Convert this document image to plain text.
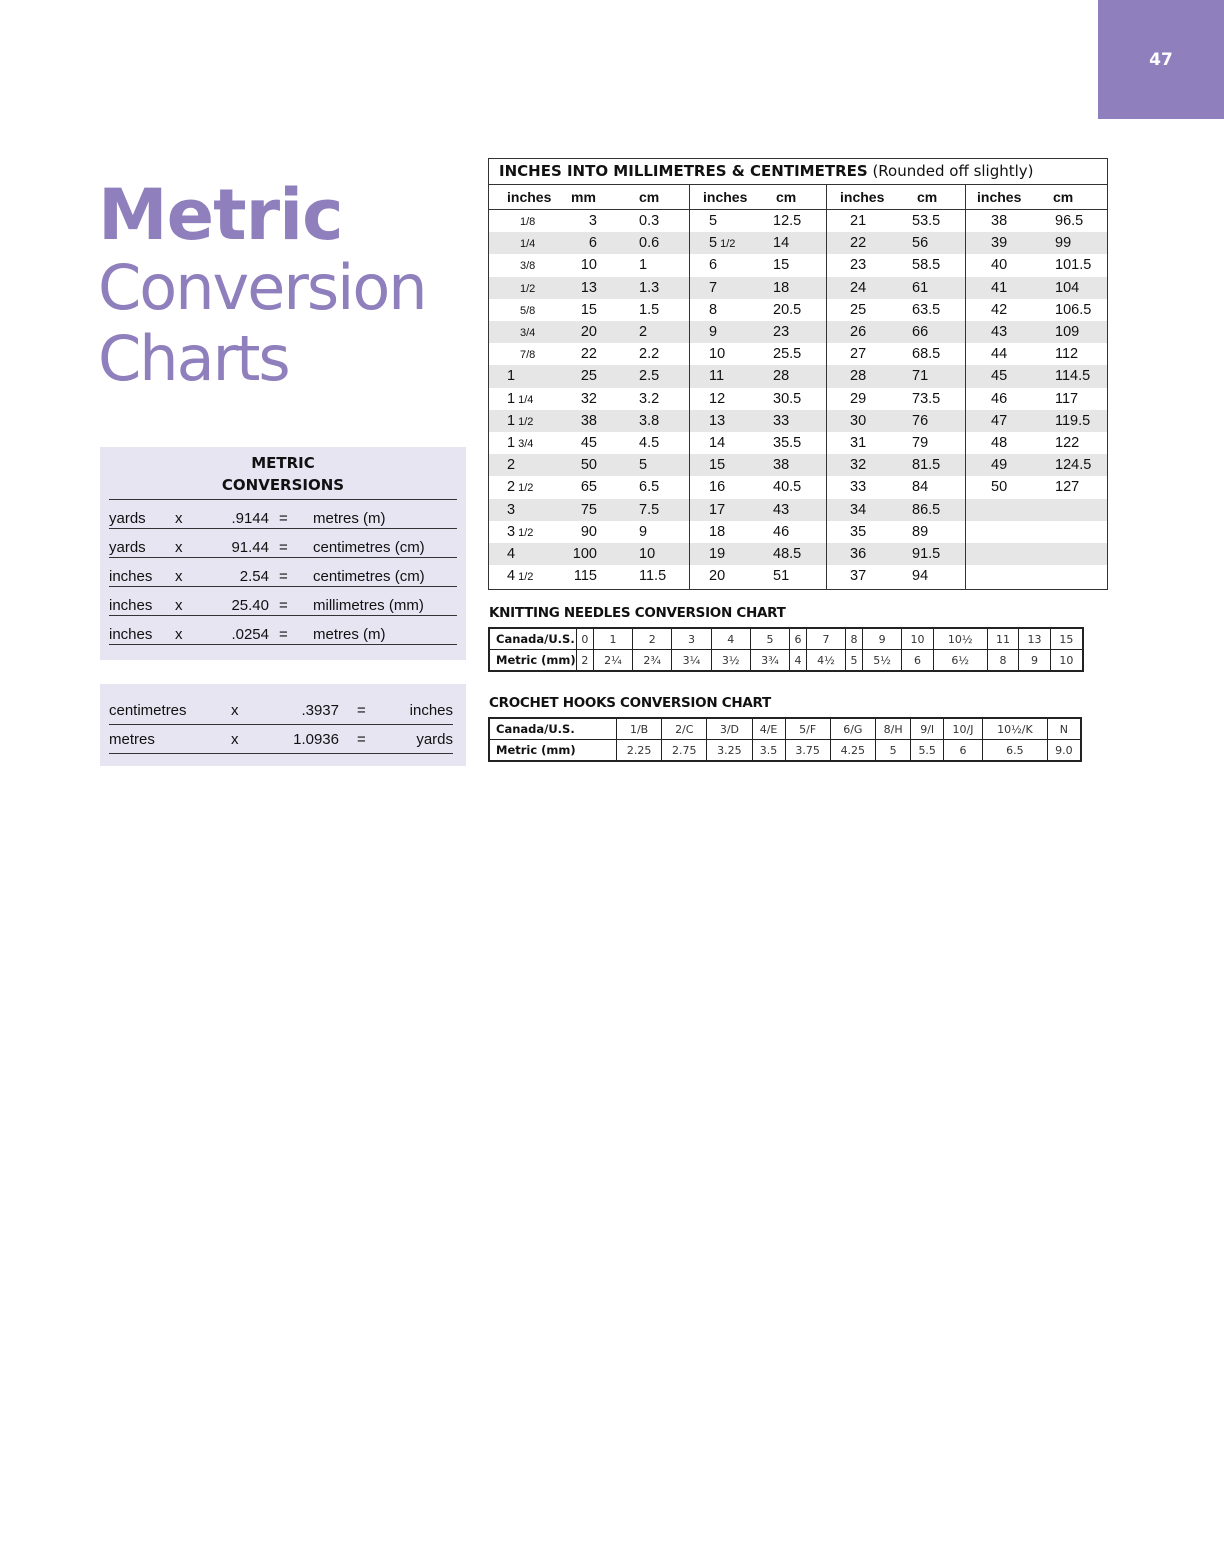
47
Metric
Conversion
Charts
METRIC
CONVERSIONS
yards x	.9144 = metres (m)
yards x	91.44 = centimetres (cm)
inches x	2.54 = centimetres (cm)
inches x	25.40 = millimetres (mm)
inches x	.0254 = metres (m)
centimetres	x	.3937 =	inches
metres	x	1.0936 =	yards
INCHES INTO MILLIMETRES & CENTIMETRES (Rounded off slightly)
inches mm	cm
1/8	3	0.3
1/4	6	0.6
3/8	10	1
1/2	13	1.3
5/8	15	1.5
3/4	20	2
7/8	22	2.2
1	25	2.5
1 1/4	32	3.2
1 1/2	38	3.8
1 3/4	45	4.5
2	50	5
2 1/2	65	6.5
3	75	7.5
3 1/2	90	9
4	100	10
4 1/2	115	11.5
inches cm
5	12.5
5 1/2	14
6	15
7	18
8	20.5
9	23
10	25.5
11	28
12	30.5
13	33
14	35.5
15	38
16	40.5
17	43
18	46
19	48.5
20	51
inches cm
21	53.5
22	56
23	58.5
24	61
25	63.5
26	66
27	68.5
28	71
29	73.5
30	76
31	79
32	81.5
33	84
34	86.5
35	89
36	91.5
37	94
inches cm
38	96.5
39	99
40	101.5
41	104
42	106.5
43	109
44	112
45	114.5
46	117
47	119.5
48	122
49	124.5
50	127
KNITTING NEEDLES CONVERSION CHART
Canada/U.S.	0	1	2	3	4	5	6	7	8	9	10	10½	11	13	15
Metric (mm)	2	2¼	2¾	3¼	3½	3¾	4	4½	5	5½	6	6½	8	9	10
CROCHET HOOKS CONVERSION CHART
Canada/U.S.	1/B	2/C	3/D	4/E	5/F	6/G	8/H	9/I	10/J	10½/K	N
Metric (mm)	2.25	2.75	3.25	3.5	3.75	4.25	5	5.5	6	6.5	9.0
